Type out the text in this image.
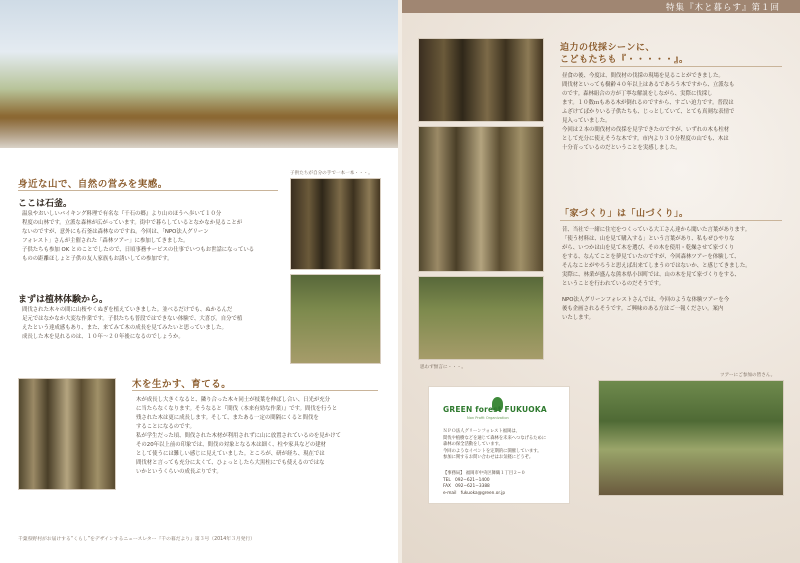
身近な山で、自然の営みを実感。
ここは石釜。
温泉やおいしいバイキング料理で有名な『千石の郷』より山のほうへ歩いて１０分
程度の山林です。立派な森林が広がっています。街中で暮らしているとなかなか見ることが
ないのですが、意外にも石釜は森林なのですね。今回は、「NPO法人グリーン
フォレスト」さんが主催された「森林ツアー」に参加してきました。
子供たちも参加 OK とのことでしたので、日頃事務サービスの仕事でいつもお世話になっている
ものの距離ほしょと子供の友人家族もお誘いしての参加です。
まずは植林体験から。
間伐された木々の間に山桜やくぬぎを植えていきました。並べるだけでも、ぬかるんだ
足元ではなかなか大変な作業です。子供たちも普段ではできない体験で、大喜び。自分で植
えたという達成感もあり、また、来てみて木の成長を見てみたいと思っていました。
成長した木を見れるのは、１０年〜２０年後になるのでしょうか。
子供たちが自分の手で一本一本・・・。
木を生かす、育てる。
木が成長し大きくなると、隣り合った木々同士が枝葉を伸ばし合い、日光が充分
に当たらなくなります。そうなると『間伐（本来有効な作業）』です。間伐を行うと
残された木は更に成長します。そして、またある一定の間隔にくると間伐を
することになるのです。
私が学生だった頃、間伐された木材が利用されずに山に放置されているのを見かけて
その20年以上前の印象では、間伐の対象となる木は細く、柱や家具などの建材
として使うには難しい感じに見えていました。ところが、研が経ち、現在では
間伐材と言っても充分に太くて、ひょっとしたら大黒柱にでも使えるのではな
いかというくらいの成長ぶりです。
千葉県野村がお届けする“くらし”をデザインするニュースレター『千の暮だより』第３号（2014年３月発行）
特集『木と暮らす』第１回
思わず無言に・・・。
迫力の伐採シーンに、
こどもたちも『・・・・・』。
昼食の後、今度は、間伐材の伐採の現場を見ることができました。
間伐材といっても樹齢４０年以上はあるであろう木ですから、立派なも
のです。森林組合の方が丁寧な解説をしながら、実際に伐採し
ます。１０数ｍもある木が倒れるのですから、すごい迫力です。普段は
ふざけてばかりいる子供たちも、じっとしていて、とても真剣な表情で
見入っていました。
今回は２本の間伐材の伐採を見学できたのですが、いずれの木も柱材
として充分に使えそうな木です。市内より３０分程度の山でも、木は
十分育っているのだということを実感しました。
「家づくり」は「山づくり」。
昔、当社で一緒に住宅をつくっている大工さん達から聞いた言葉があります。
「使う材料は、山を見て購入する」という言葉があり、私もぜひやりな
がら、いつかは山を見て木を選び、その木を使用・乾燥させて家づくり
をする、なんてことを夢見ていたのですが、今回森林ツアーを体験して、
そんなことがやろうと思えば出来てしまうのではないか、と感じてきました。
実際に、林業が盛んな熊本県小国町では、山の木を見て家づくりをする、
ということを行われているのだそうです。
NPO法人グリーンフォレストさんでは、今回のような体験ツアーを今
後も企画されるそうです。ご興味のある方はご一報ください。案内
いたします。
GREEN forest FUKUOKA
Non Profit Organization
ＮＰＯ法人グリーンフォレスト福岡は、
間伐や植樹などを通じて森林を未来へつなげるために
森林の保全活動をしています。
今回のようなイベントを定期的に開催しています。
参加に関するお問い合わせはお気軽にどうぞ。
【事務局】 福岡市中央区舞鶴１丁目２−０
TEL　092−621−1400
FAX　092−621−3388
e-mail　fukuoka@green.or.jp
ツアーにご参加の皆さん。
